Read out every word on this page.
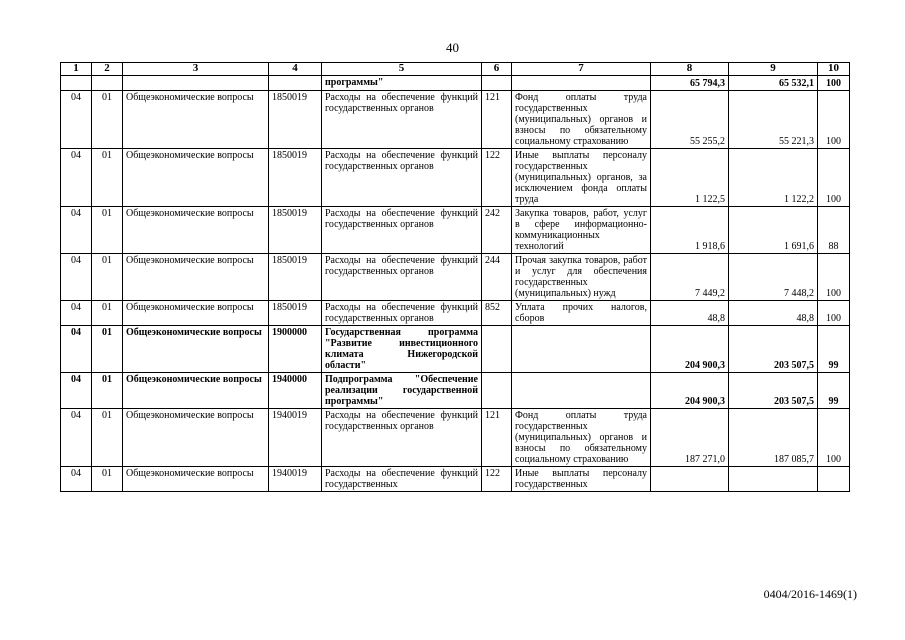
40
1	2	3	4	5	6	7	8	9	10
				программы"			65 794,3	65 532,1	100
04	01	Общеэкономические вопросы	1850019	Расходы на обеспечение функций государственных органов	121	Фонд оплаты труда государственных (муниципальных) органов и взносы по обязательному социальному страхованию	55 255,2	55 221,3	100
04	01	Общеэкономические вопросы	1850019	Расходы на обеспечение функций государственных органов	122	Иные выплаты персоналу государственных (муниципальных) органов, за исключением фонда оплаты труда	1 122,5	1 122,2	100
04	01	Общеэкономические вопросы	1850019	Расходы на обеспечение функций государственных органов	242	Закупка товаров, работ, услуг в сфере информационно-коммуникационных технологий	1 918,6	1 691,6	88
04	01	Общеэкономические вопросы	1850019	Расходы на обеспечение функций государственных органов	244	Прочая закупка товаров, работ и услуг для обеспечения государственных (муниципальных) нужд	7 449,2	7 448,2	100
04	01	Общеэкономические вопросы	1850019	Расходы на обеспечение функций государственных органов	852	Уплата прочих налогов, сборов	48,8	48,8	100
04	01	Общеэкономические вопросы	1900000	Государственная программа "Развитие инвестиционного климата Нижегородской области"			204 900,3	203 507,5	99
04	01	Общеэкономические вопросы	1940000	Подпрограмма "Обеспечение реализации государственной программы"			204 900,3	203 507,5	99
04	01	Общеэкономические вопросы	1940019	Расходы на обеспечение функций государственных органов	121	Фонд оплаты труда государственных (муниципальных) органов и взносы по обязательному социальному страхованию	187 271,0	187 085,7	100
04	01	Общеэкономические вопросы	1940019	Расходы на обеспечение функций государственных	122	Иные выплаты персоналу государственных			
0404/2016-1469(1)
